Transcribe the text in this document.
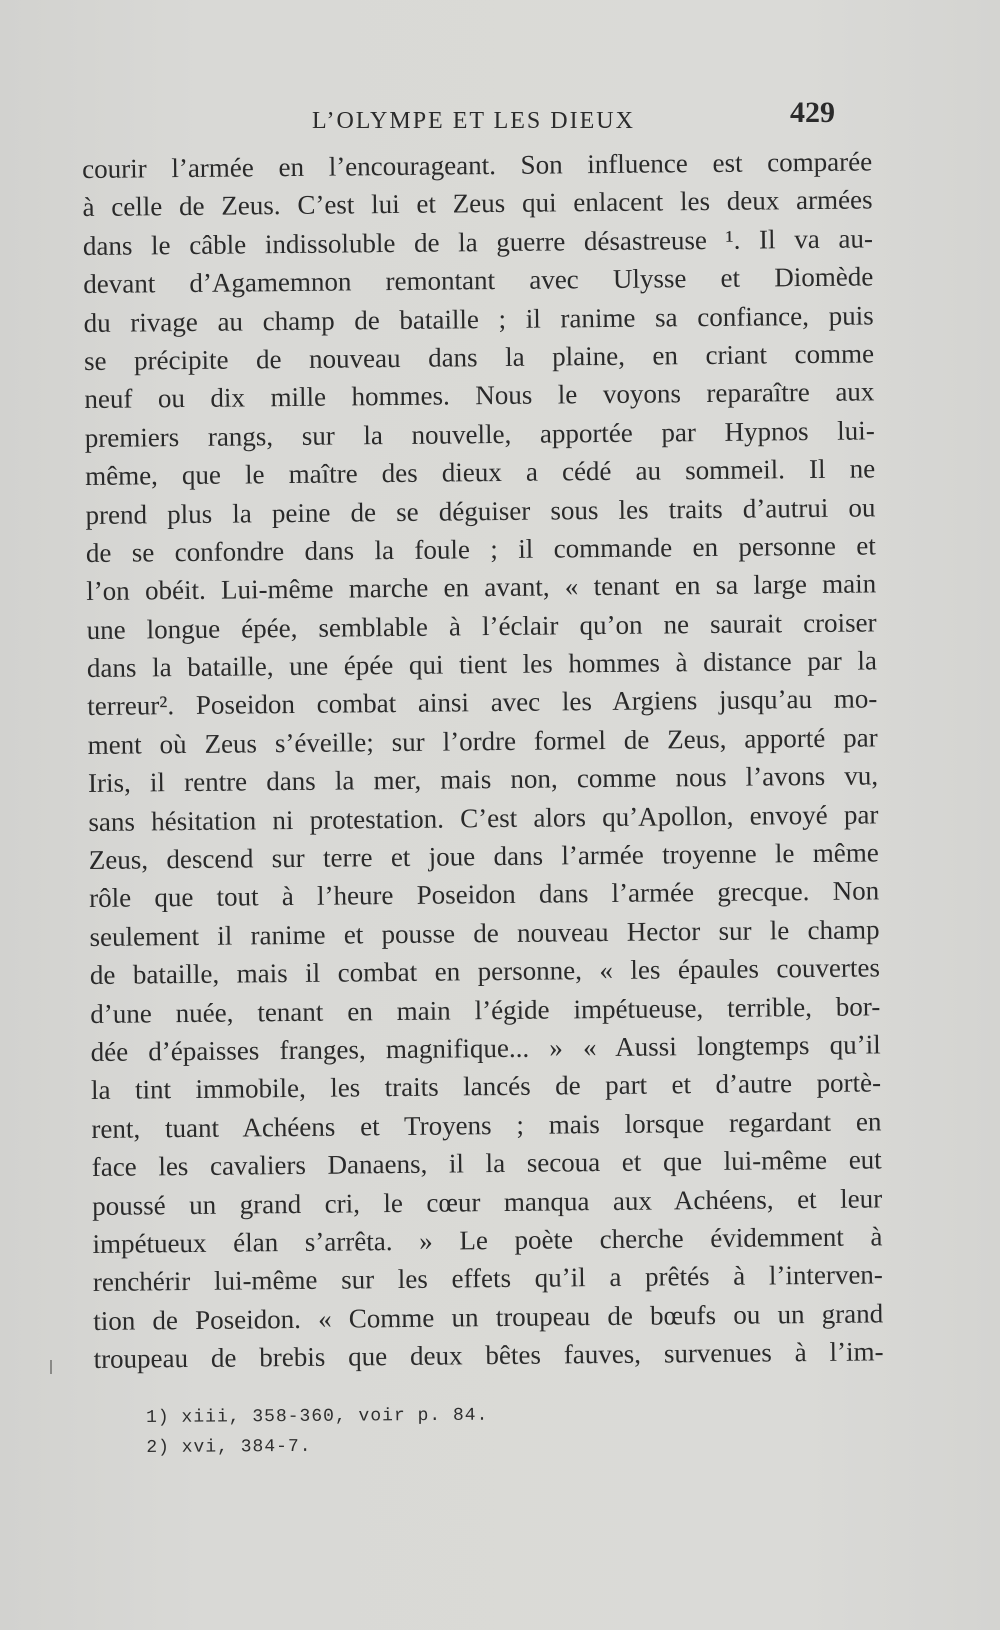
L’OLYMPE ET LES DIEUX	429
courir l’armée en l’encourageant. Son influence est comparée
à celle de Zeus. C’est lui et Zeus qui enlacent les deux armées
dans le câble indissoluble de la guerre désastreuse ¹. Il va au-
devant d’Agamemnon remontant avec Ulysse et Diomède
du rivage au champ de bataille ; il ranime sa confiance, puis
se précipite de nouveau dans la plaine, en criant comme
neuf ou dix mille hommes. Nous le voyons reparaître aux
premiers rangs, sur la nouvelle, apportée par Hypnos lui-
même, que le maître des dieux a cédé au sommeil. Il ne
prend plus la peine de se déguiser sous les traits d’autrui ou
de se confondre dans la foule ; il commande en personne et
l’on obéit. Lui-même marche en avant, « tenant en sa large main
une longue épée, semblable à l’éclair qu’on ne saurait croiser
dans la bataille, une épée qui tient les hommes à distance par la
terreur². Poseidon combat ainsi avec les Argiens jusqu’au mo-
ment où Zeus s’éveille; sur l’ordre formel de Zeus, apporté par
Iris, il rentre dans la mer, mais non, comme nous l’avons vu,
sans hésitation ni protestation. C’est alors qu’Apollon, envoyé par
Zeus, descend sur terre et joue dans l’armée troyenne le même
rôle que tout à l’heure Poseidon dans l’armée grecque. Non
seulement il ranime et pousse de nouveau Hector sur le champ
de bataille, mais il combat en personne, « les épaules couvertes
d’une nuée, tenant en main l’égide impétueuse, terrible, bor-
dée d’épaisses franges, magnifique... » « Aussi longtemps qu’il
la tint immobile, les traits lancés de part et d’autre portè-
rent, tuant Achéens et Troyens ; mais lorsque regardant en
face les cavaliers Danaens, il la secoua et que lui-même eut
poussé un grand cri, le cœur manqua aux Achéens, et leur
impétueux élan s’arrêta. » Le poète cherche évidemment à
renchérir lui-même sur les effets qu’il a prêtés à l’interven-
tion de Poseidon. « Comme un troupeau de bœufs ou un grand
troupeau de brebis que deux bêtes fauves, survenues à l’im-
1) xiii, 358-360, voir p. 84.
2) xvi, 384-7.
